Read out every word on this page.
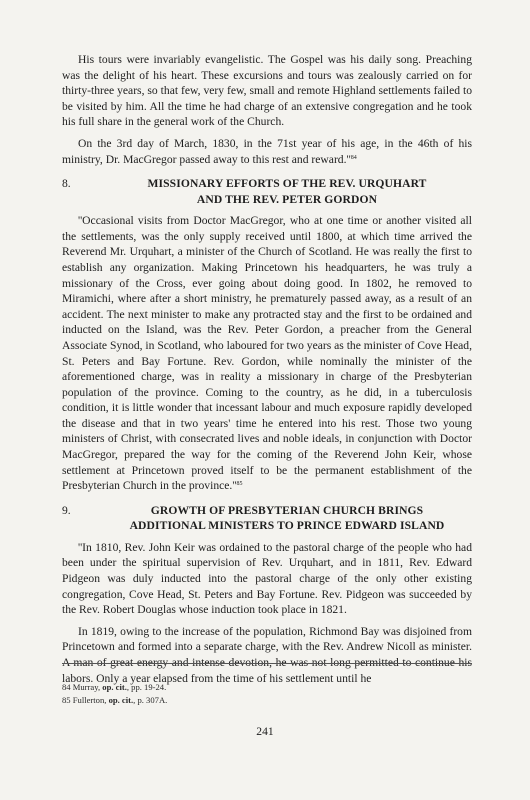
His tours were invariably evangelistic. The Gospel was his daily song. Preaching was the delight of his heart. These excursions and tours was zealously carried on for thirty-three years, so that few, very few, small and remote Highland settlements failed to be visited by him. All the time he had charge of an extensive congregation and he took his full share in the general work of the Church.

On the 3rd day of March, 1830, in the 71st year of his age, in the 46th of his ministry, Dr. MacGregor passed away to this rest and $reward.''^{84}$

8.	MISSIONARY EFFORTS OF THE REV. URQUHART
AND THE REV. PETER GORDON

''Occasional visits from Doctor MacGregor, who at one time or another visited all the settlements, was the only supply received until 1800, at which time arrived the Reverend Mr. Urquhart, a minister of the Church of Scotland. He was really the first to establish any organization. Making Princetown his headquarters, he was truly a missionary of the Cross, ever going about doing good. In 1802, he removed to Miramichi, where after a short ministry, he prematurely passed away, as a result of an accident. The next minister to make any protracted stay and the first to be ordained and inducted on the Island, was the Rev. Peter Gordon, a preacher from the General Associate Synod, in Scotland, who laboured for two years as the minister of Cove Head, St. Peters and Bay Fortune. Rev. Gordon, while nominally the minister of the aforementioned charge, was in reality a missionary in charge of the Presbyterian population of the province. Coming to the country, as he did, in a tuberculosis condition, it is little wonder that incessant labour and much exposure rapidly developed the disease and that in two years' time he entered into his rest. Those two young ministers of Christ, with consecrated lives and noble ideals, in conjunction with Doctor MacGregor, prepared the way for the coming of the Reverend John Keir, whose settlement at Princetown proved itself to be the permanent establishment of the Presbyterian Church in the $province.''^{85}$

9.	GROWTH OF PRESBYTERIAN CHURCH BRINGS
ADDITIONAL MINISTERS TO PRINCE EDWARD ISLAND

''In 1810, Rev. John Keir was ordained to the pastoral charge of the people who had been under the spiritual supervision of Rev. Urquhart, and in 1811, Rev. Edward Pidgeon was duly inducted into the pastoral charge of the only other existing congregation, Cove Head, St. Peters and Bay Fortune. Rev. Pidgeon was succeeded by the Rev. Robert Douglas whose induction took place in 1821.

In 1819, owing to the increase of the population, Richmond Bay was disjoined from Princetown and formed into a separate charge, with the Rev. Andrew Nicoll as minister. A man of great energy and intense devotion, he was not long permitted to continue his labors. Only a year elapsed from the time of his settlement until he

84 Murray, op. cit., pp. 19-24.
85 Fullerton, op. cit., p. 307A.
241
